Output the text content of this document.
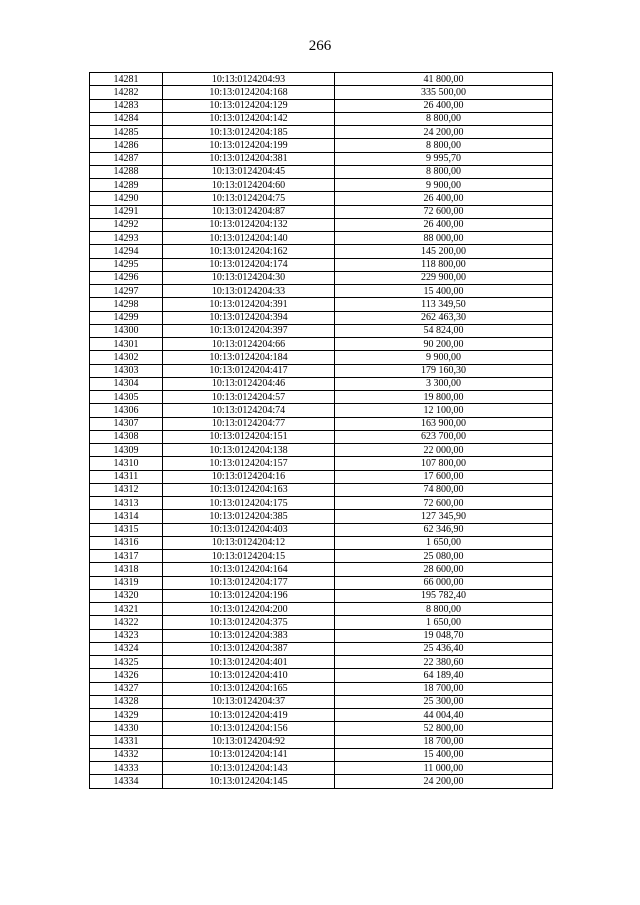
266
14281	10:13:0124204:93	41 800,00
14282	10:13:0124204:168	335 500,00
14283	10:13:0124204:129	26 400,00
14284	10:13:0124204:142	8 800,00
14285	10:13:0124204:185	24 200,00
14286	10:13:0124204:199	8 800,00
14287	10:13:0124204:381	9 995,70
14288	10:13:0124204:45	8 800,00
14289	10:13:0124204:60	9 900,00
14290	10:13:0124204:75	26 400,00
14291	10:13:0124204:87	72 600,00
14292	10:13:0124204:132	26 400,00
14293	10:13:0124204:140	88 000,00
14294	10:13:0124204:162	145 200,00
14295	10:13:0124204:174	118 800,00
14296	10:13:0124204:30	229 900,00
14297	10:13:0124204:33	15 400,00
14298	10:13:0124204:391	113 349,50
14299	10:13:0124204:394	262 463,30
14300	10:13:0124204:397	54 824,00
14301	10:13:0124204:66	90 200,00
14302	10:13:0124204:184	9 900,00
14303	10:13:0124204:417	179 160,30
14304	10:13:0124204:46	3 300,00
14305	10:13:0124204:57	19 800,00
14306	10:13:0124204:74	12 100,00
14307	10:13:0124204:77	163 900,00
14308	10:13:0124204:151	623 700,00
14309	10:13:0124204:138	22 000,00
14310	10:13:0124204:157	107 800,00
14311	10:13:0124204:16	17 600,00
14312	10:13:0124204:163	74 800,00
14313	10:13:0124204:175	72 600,00
14314	10:13:0124204:385	127 345,90
14315	10:13:0124204:403	62 346,90
14316	10:13:0124204:12	1 650,00
14317	10:13:0124204:15	25 080,00
14318	10:13:0124204:164	28 600,00
14319	10:13:0124204:177	66 000,00
14320	10:13:0124204:196	195 782,40
14321	10:13:0124204:200	8 800,00
14322	10:13:0124204:375	1 650,00
14323	10:13:0124204:383	19 048,70
14324	10:13:0124204:387	25 436,40
14325	10:13:0124204:401	22 380,60
14326	10:13:0124204:410	64 189,40
14327	10:13:0124204:165	18 700,00
14328	10:13:0124204:37	25 300,00
14329	10:13:0124204:419	44 004,40
14330	10:13:0124204:156	52 800,00
14331	10:13:0124204:92	18 700,00
14332	10:13:0124204:141	15 400,00
14333	10:13:0124204:143	11 000,00
14334	10:13:0124204:145	24 200,00
